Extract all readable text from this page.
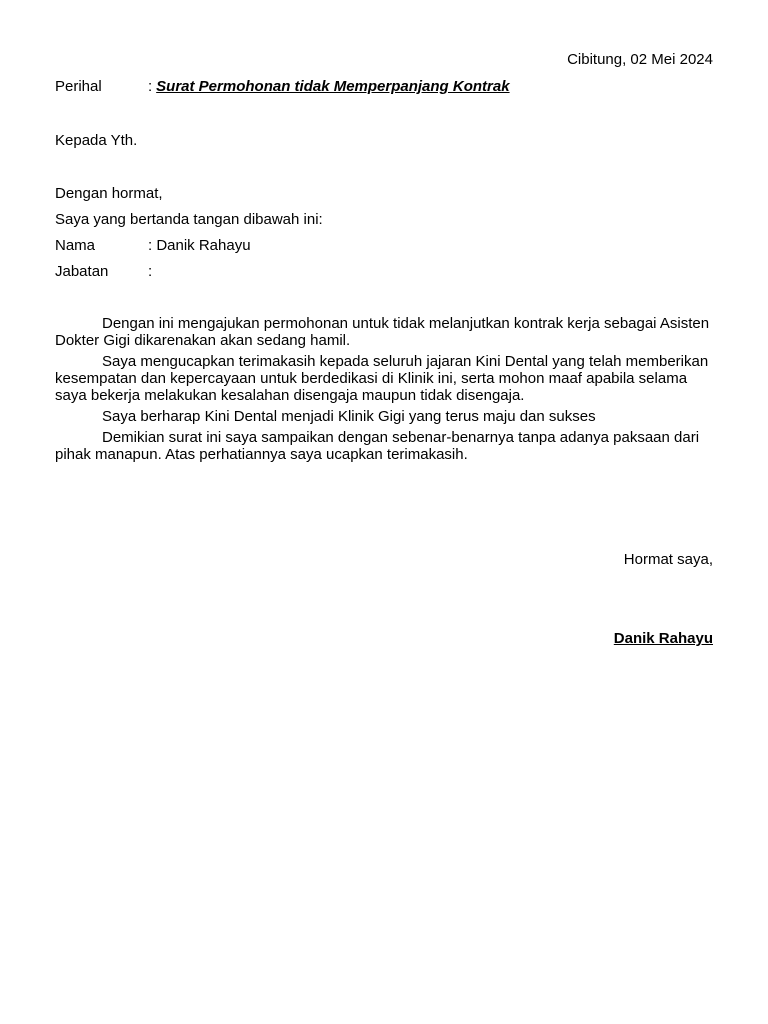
Cibitung, 02 Mei 2024
Perihal	: Surat Permohonan tidak Memperpanjang Kontrak
Kepada Yth.
Dengan hormat,
Saya yang bertanda tangan dibawah ini:
Nama	: Danik Rahayu
Jabatan	:

Dengan ini mengajukan permohonan untuk tidak melanjutkan kontrak kerja sebagai Asisten Dokter Gigi dikarenakan akan sedang hamil.

Saya mengucapkan terimakasih kepada seluruh jajaran Kini Dental yang telah memberikan kesempatan dan kepercayaan untuk berdedikasi di Klinik ini, serta mohon maaf apabila selama saya bekerja melakukan kesalahan disengaja maupun tidak disengaja.

Saya berharap Kini Dental menjadi Klinik Gigi yang terus maju dan sukses

Demikian surat ini saya sampaikan dengan sebenar-benarnya tanpa adanya paksaan dari pihak manapun. Atas perhatiannya saya ucapkan terimakasih.

Hormat saya,
Danik Rahayu
